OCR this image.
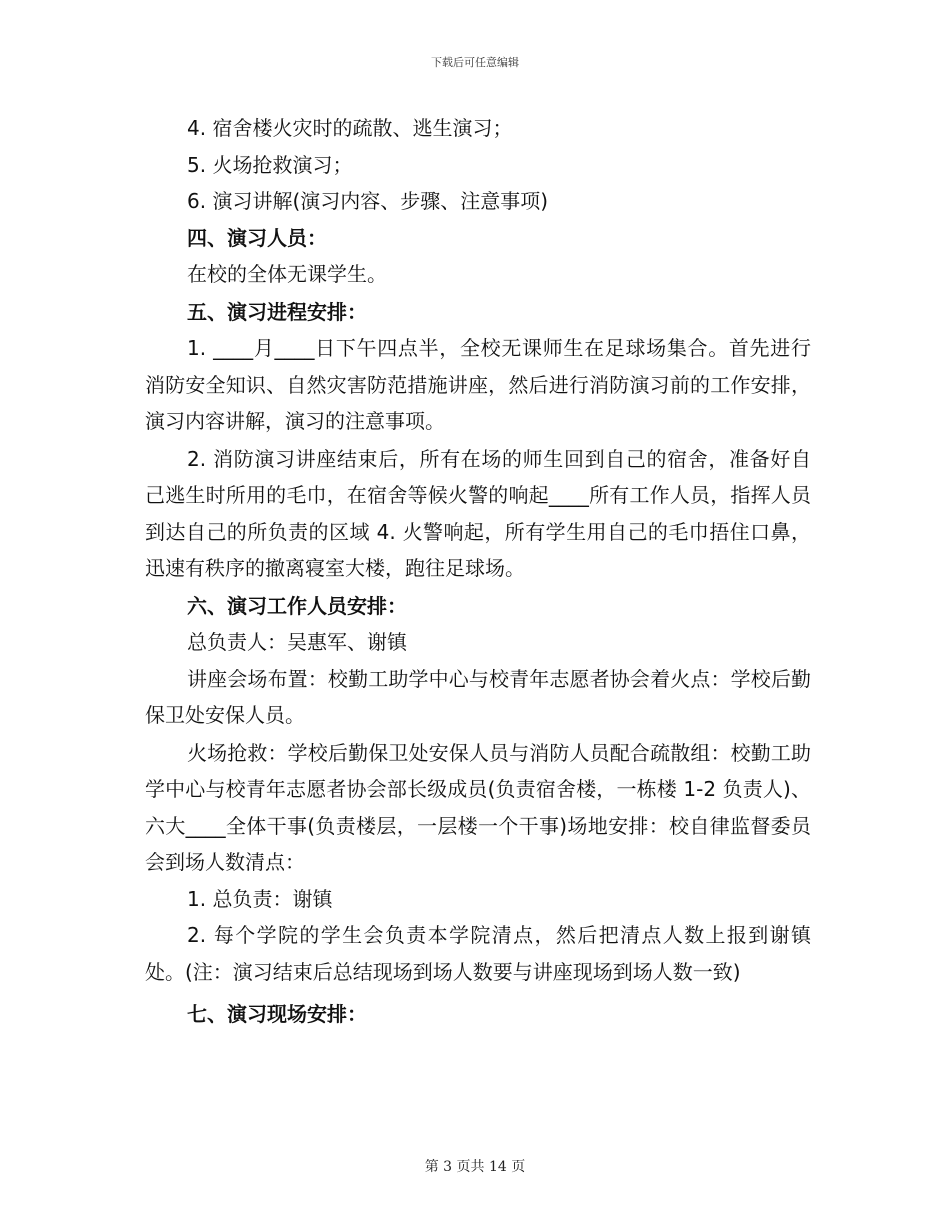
下载后可任意编辑

4. 宿舍楼火灾时的疏散、逃生演习；

5. 火场抢救演习；

6. 演习讲解(演习内容、步骤、注意事项)

四、演习人员：

在校的全体无课学生。

五、演习进程安排：

1. ____月____日下午四点半，全校无课师生在足球场集合。首先进行消防安全知识、自然灾害防范措施讲座，然后进行消防演习前的工作安排，演习内容讲解，演习的注意事项。

2. 消防演习讲座结束后，所有在场的师生回到自己的宿舍，准备好自己逃生时所用的毛巾，在宿舍等候火警的响起____所有工作人员，指挥人员到达自己的所负责的区域 4. 火警响起，所有学生用自己的毛巾捂住口鼻，迅速有秩序的撤离寝室大楼，跑往足球场。

六、演习工作人员安排：

总负责人：吴惠军、谢镇

讲座会场布置：校勤工助学中心与校青年志愿者协会着火点：学校后勤保卫处安保人员。

火场抢救：学校后勤保卫处安保人员与消防人员配合疏散组：校勤工助学中心与校青年志愿者协会部长级成员(负责宿舍楼，一栋楼 1-2 负责人)、六大____全体干事(负责楼层，一层楼一个干事)场地安排：校自律监督委员会到场人数清点：

1. 总负责：谢镇

2. 每个学院的学生会负责本学院清点，然后把清点人数上报到谢镇处。(注：演习结束后总结现场到场人数要与讲座现场到场人数一致)

七、演习现场安排：

第 3 页共 14 页
